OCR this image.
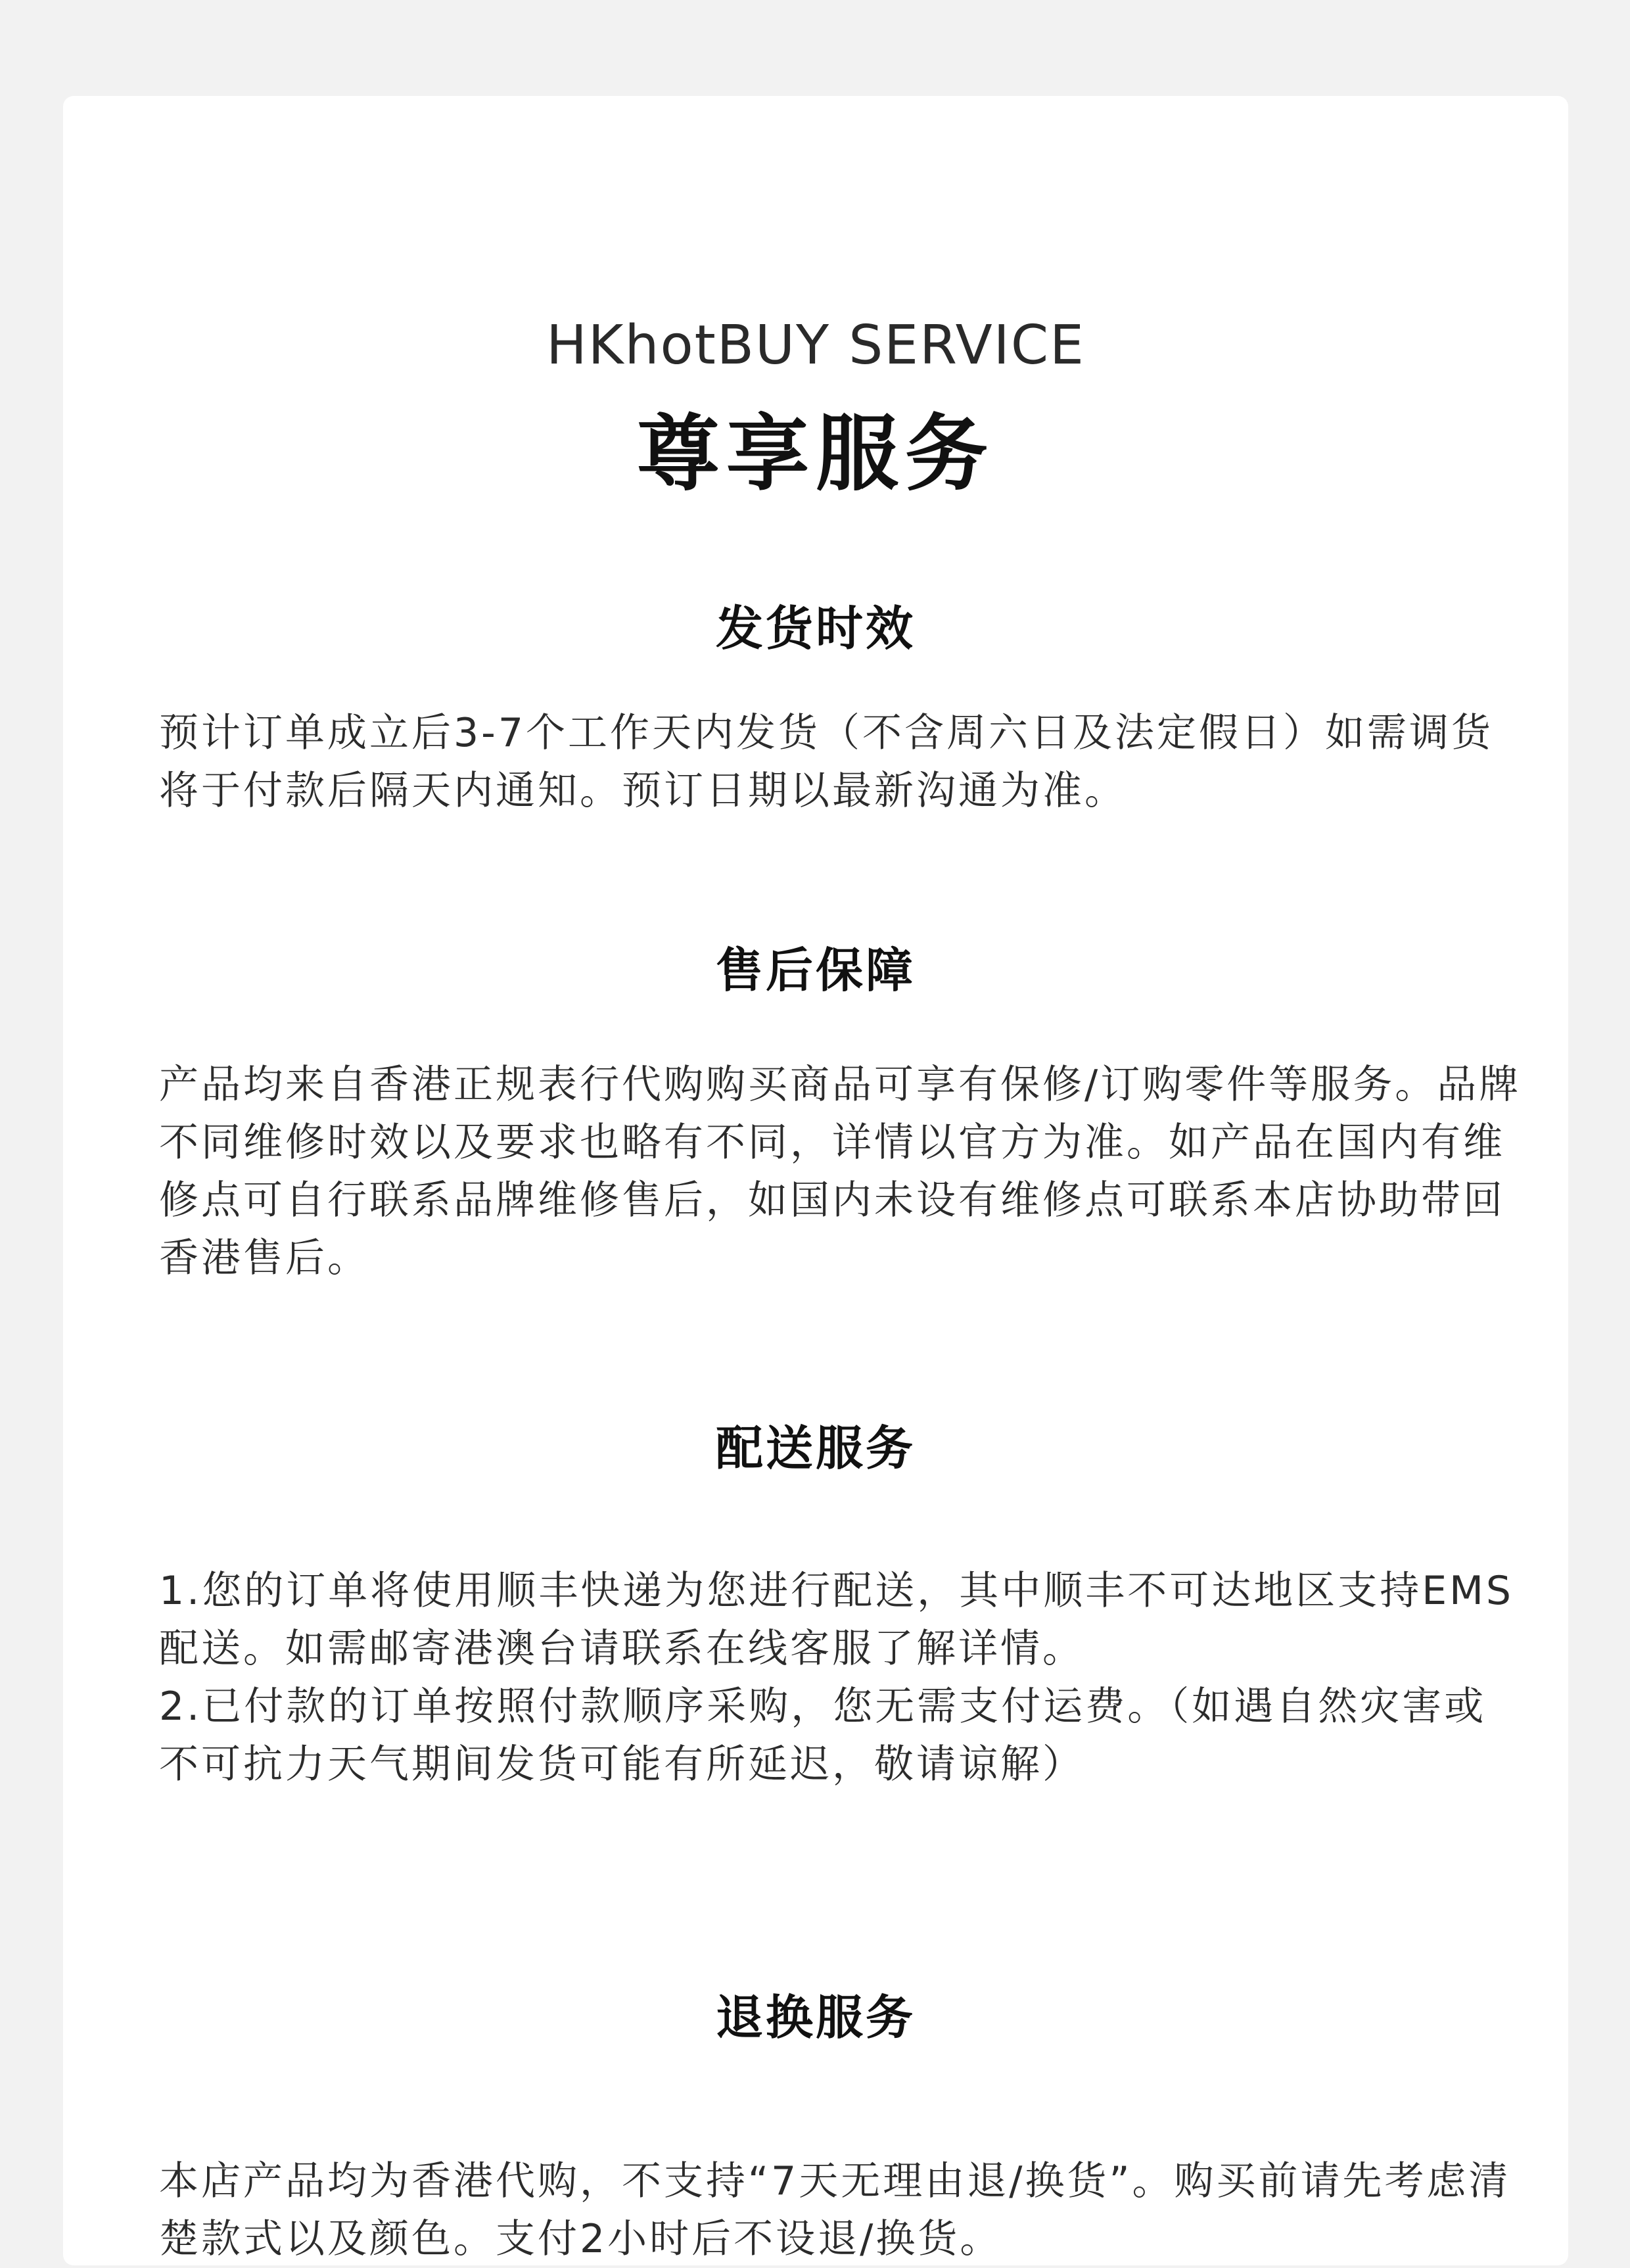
HKhotBUY SERVICE
尊享服务
发货时效

预计订单成立后3-7个工作天内发货（不含周六日及法定假日）如需调货将于付款后隔天内通知。预订日期以最新沟通为准。

售后保障

产品均来自香港正规表行代购购买商品可享有保修/订购零件等服务。品牌不同维修时效以及要求也略有不同，详情以官方为准。如产品在国内有维修点可自行联系品牌维修售后，如国内未设有维修点可联系本店协助带回香港售后。

配送服务

1.您的订单将使用顺丰快递为您进行配送，其中顺丰不可达地区支持EMS配送。如需邮寄港澳台请联系在线客服了解详情。

2.已付款的订单按照付款顺序采购，您无需支付运费。（如遇自然灾害或不可抗力天气期间发货可能有所延迟，敬请谅解）

退换服务

本店产品均为香港代购，不支持“7天无理由退/换货”。购买前请先考虑清楚款式以及颜色。支付2小时后不设退/换货。
